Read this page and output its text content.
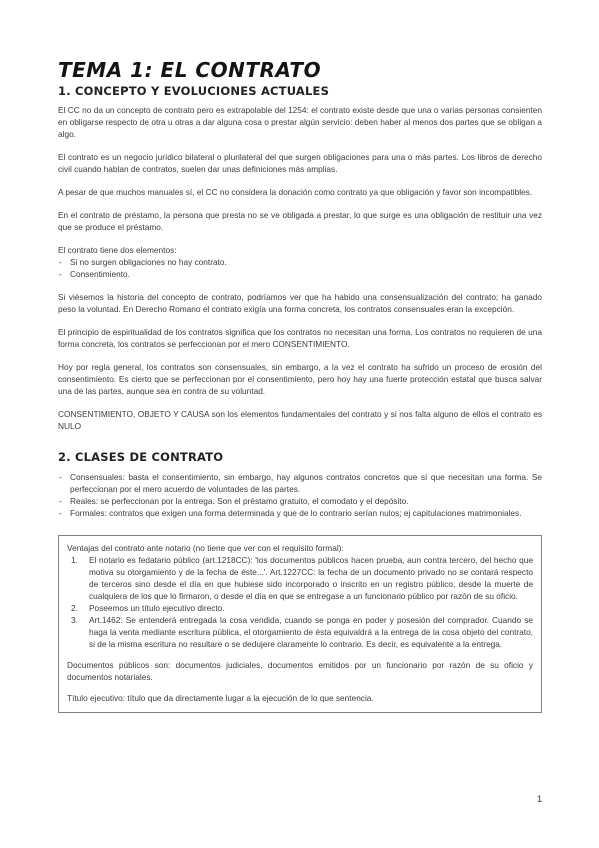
TEMA 1: EL CONTRATO
1. CONCEPTO Y EVOLUCIONES ACTUALES

El CC no da un concepto de contrato pero es extrapolable del 1254: el contrato existe desde que una o varias personas consienten en obligarse respecto de otra u otras a dar alguna cosa o prestar algún servicio: deben haber al menos dos partes que se obligan a algo.

El contrato es un negocio jurídico bilateral o plurilateral del que surgen obligaciones para una o más partes. Los libros de derecho civil cuando hablan de contratos, suelen dar unas definiciones más amplias.

A pesar de que muchos manuales sí, el CC no considera la donación como contrato ya que obligación y favor son incompatibles.

En el contrato de préstamo, la persona que presta no se ve obligada a prestar, lo que surge es una obligación de restituir una vez que se produce el préstamo.

El contrato tiene dos elementos:

- Si no surgen obligaciones no hay contrato.
- Consentimiento.

Si viésemos la historia del concepto de contrato, podríamos ver que ha habido una consensualización del contrato; ha ganado peso la voluntad. En Derecho Romano el contrato exigía una forma concreta, los contratos consensuales eran la excepción.

El principio de espiritualidad de los contratos significa que los contratos no necesitan una forma. Los contratos no requieren de una forma concreta, los contratos se perfeccionan por el mero CONSENTIMIENTO.

Hoy por regla general, los contratos son consensuales, sin embargo, a la vez el contrato ha sufrido un proceso de erosión del consentimiento. Es cierto que se perfeccionan por el consentimiento, pero hoy hay una fuerte protección estatal que busca salvar una de las partes, aunque sea en contra de su voluntad.

CONSENTIMIENTO, OBJETO Y CAUSA son los elementos fundamentales del contrato y si nos falta alguno de ellos el contrato es NULO

2. CLASES DE CONTRATO
- Consensuales: basta el consentimiento, sin embargo, hay algunos contratos concretos que sí que necesitan una forma. Se perfeccionan por el mero acuerdo de voluntades de las partes.
- Reales: se perfeccionan por la entrega. Son el préstamo gratuito, el comodato y el depósito.
- Formales: contratos que exigen una forma determinada y que de lo contrario serían nulos; ej capitulaciones matrimoniales.

Ventajas del contrato ante notario (no tiene que ver con el requisito formal):

1. El notario es fedatario público (art.1218CC): 'los documentos públicos hacen prueba, aun contra tercero, del hecho que motiva su otorgamiento y de la fecha de éste...'. Art.1227CC: la fecha de un documento privado no se contará respecto de terceros sino desde el día en que hubiese sido incorporado o inscrito en un registro público, desde la muerte de cualquiera de los que lo firmaron, o desde el día en que se entregase a un funcionario público por razón de su oficio.
2. Poseemos un título ejecutivo directo.
3. Art.1462: Se entenderá entregada la cosa vendida, cuando se ponga en poder y posesión del comprador. Cuando se haga la venta mediante escritura pública, el otorgamiento de ésta equivaldrá a la entrega de la cosa objeto del contrato, si de la misma escritura no resultare o se dedujere claramente lo contrario. Es decir, es equivalente a la entrega.

Documentos públicos son: documentos judiciales, documentos emitidos por un funcionario por razón de su oficio y documentos notariales.

Título ejecutivo: título que da directamente lugar a la ejecución de lo que sentencia.

1
